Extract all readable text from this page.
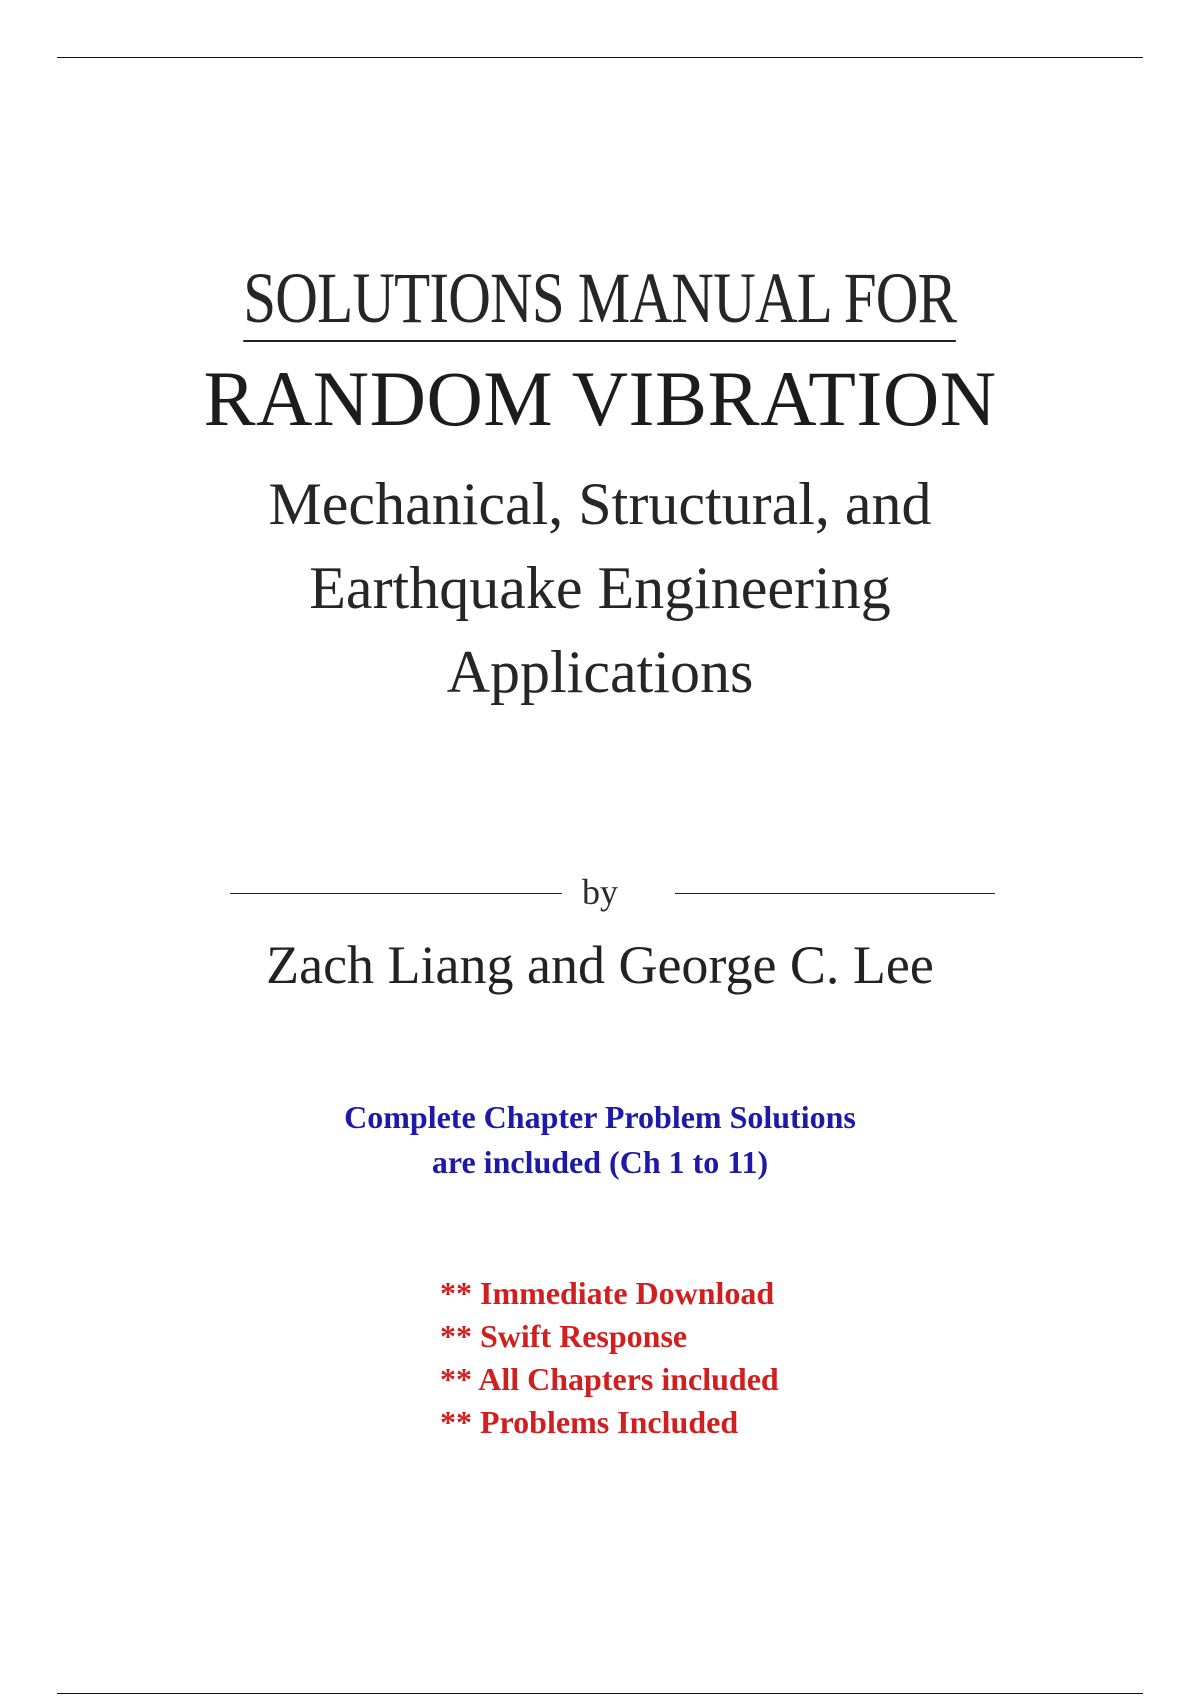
SOLUTIONS MANUAL FOR
RANDOM VIBRATION
Mechanical, Structural, and
Earthquake Engineering
Applications
by
Zach Liang and George C. Lee
Complete Chapter Problem Solutions
are included (Ch 1 to 11)
** Immediate Download
** Swift Response
** All Chapters included
** Problems Included
